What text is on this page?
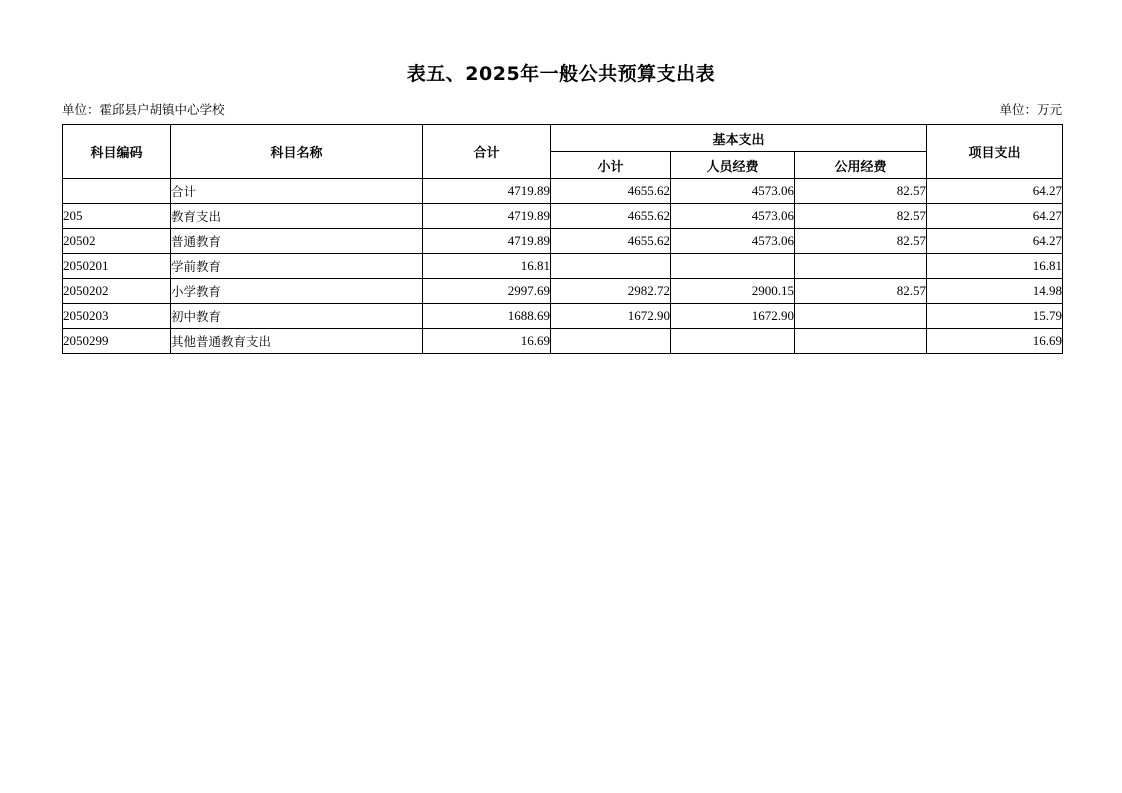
表五、2025年一般公共预算支出表
单位：霍邱县户胡镇中心学校	单位：万元
科目编码	科目名称	合计	基本支出			项目支出
			小计	人员经费	公用经费	
	合计	4719.89	4655.62	4573.06	82.57	64.27
205	教育支出	4719.89	4655.62	4573.06	82.57	64.27
20502	普通教育	4719.89	4655.62	4573.06	82.57	64.27
2050201	学前教育	16.81				16.81
2050202	小学教育	2997.69	2982.72	2900.15	82.57	14.98
2050203	初中教育	1688.69	1672.90	1672.90		15.79
2050299	其他普通教育支出	16.69				16.69
